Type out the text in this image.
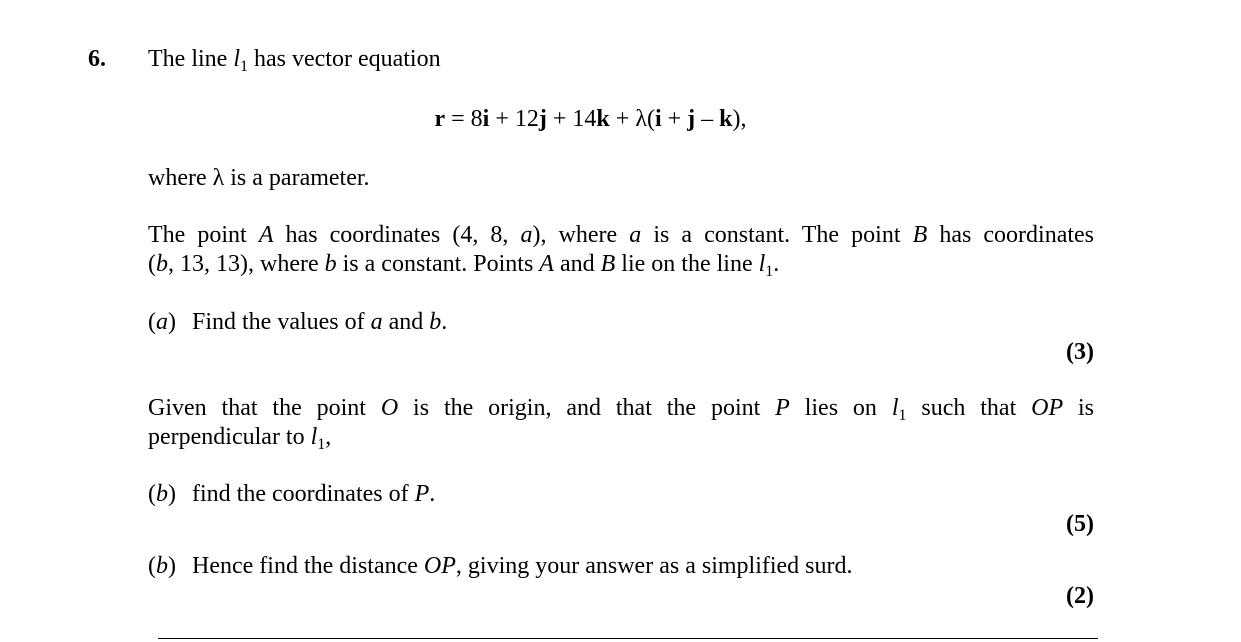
6. The line $l_1$ has vector equation
r = 8i + 12j + 14k + λ(i + j – k),
where λ is a parameter.
The point A has coordinates (4, 8, a), where a is a constant. The point B has coordinates
(b, 13, 13), where b is a constant. Points A and B lie on the line $l_1$.
(a) Find the values of a and b.
(3)
Given that the point O is the origin, and that the point P lies on $l_1$ such that OP is
perpendicular to $l_1$,
(b) find the coordinates of P.
(5)
(b) Hence find the distance OP, giving your answer as a simplified surd.
(2)
